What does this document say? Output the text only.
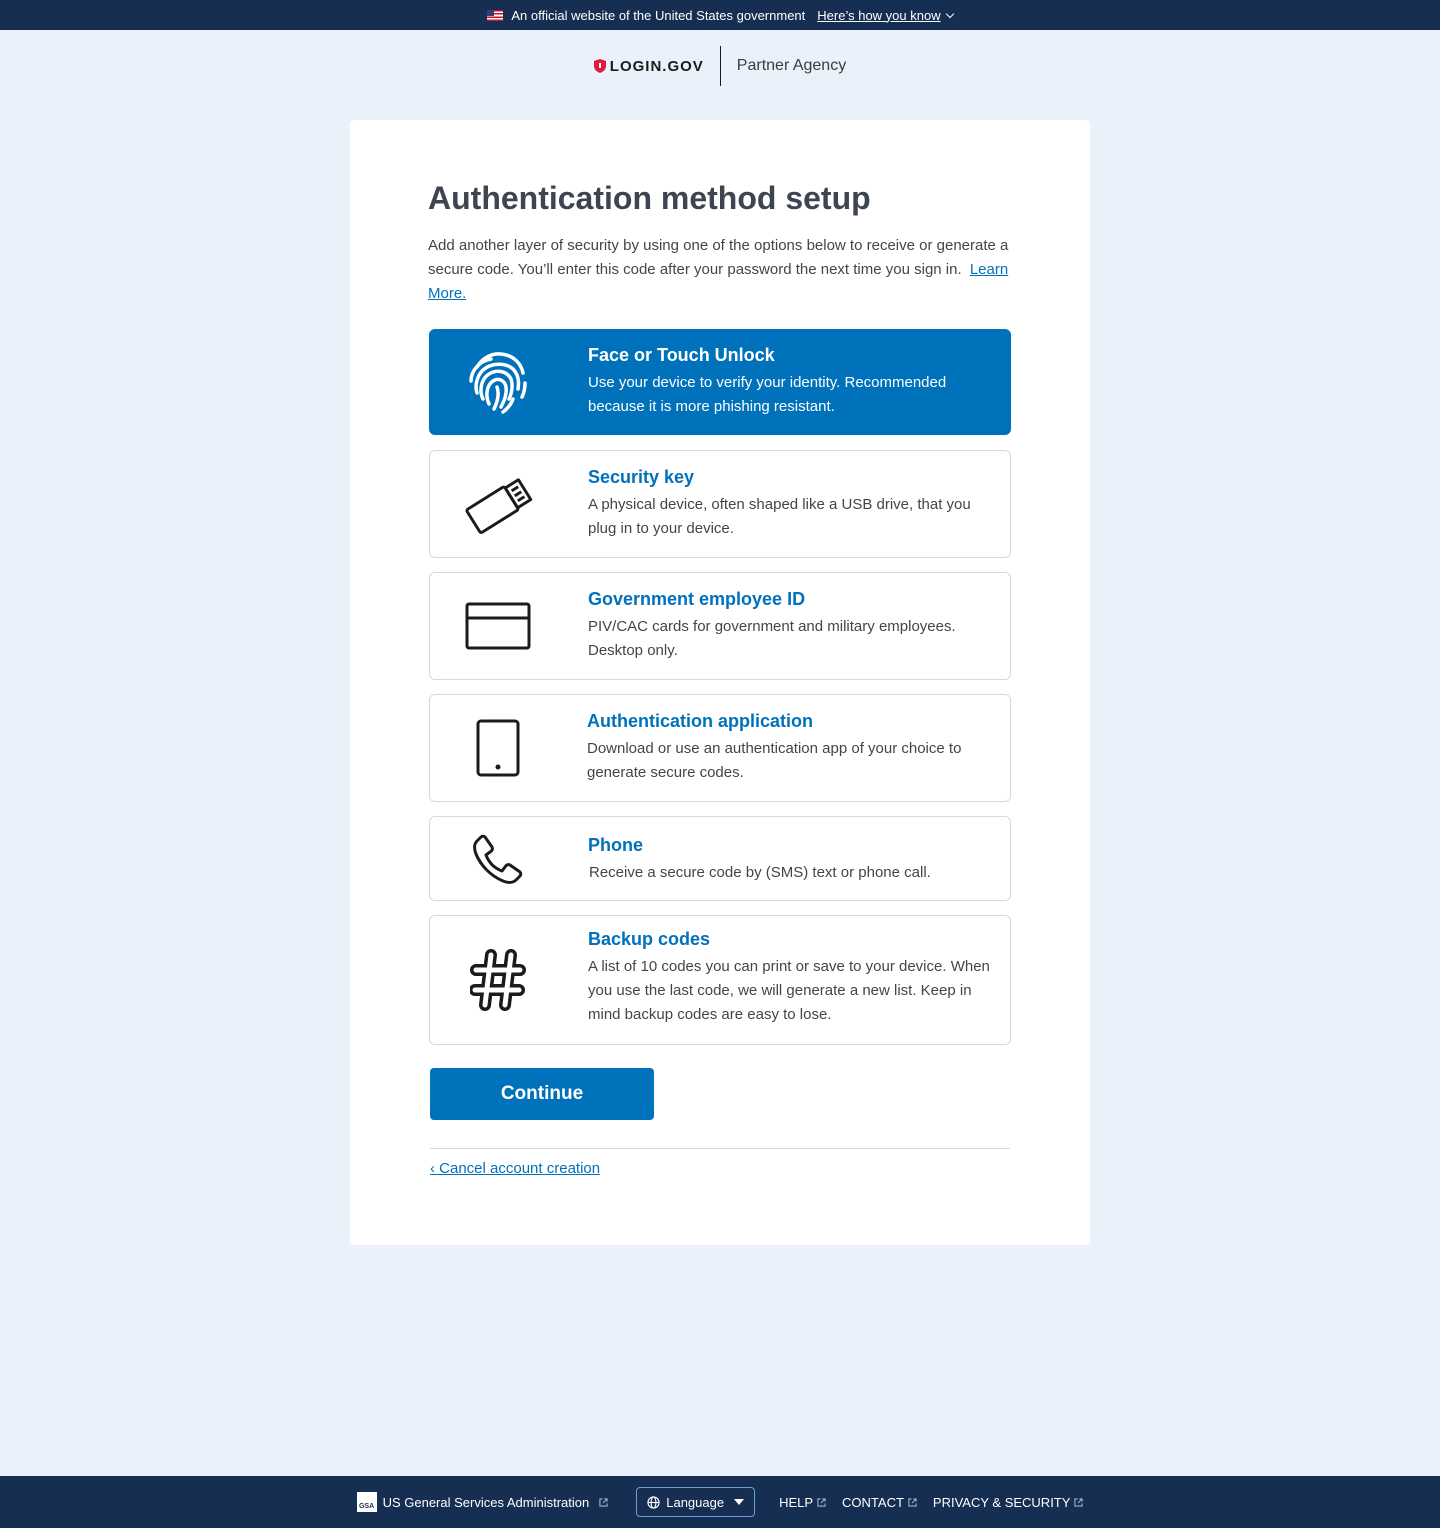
An official website of the United States government Here’s how you know
LOGIN.GOV	Partner Agency
Authentication method setup

Add another layer of security by using one of the options below to receive or generate a secure code. You’ll enter this code after your password the next time you sign in. Learn More.

Face or Touch Unlock
Use your device to verify your identity. Recommended because it is more phishing resistant.
Security key
A physical device, often shaped like a USB drive, that you plug in to your device.
Government employee ID
PIV/CAC cards for government and military employees. Desktop only.
Authentication application
Download or use an authentication app of your choice to generate secure codes.
Phone
Receive a secure code by (SMS) text or phone call.
Backup codes
A list of 10 codes you can print or save to your device. When you use the last code, we will generate a new list. Keep in mind backup codes are easy to lose.
Continue
‹ Cancel account creation
GSA US General Services Administration	Language	HELP CONTACT PRIVACY & SECURITY
